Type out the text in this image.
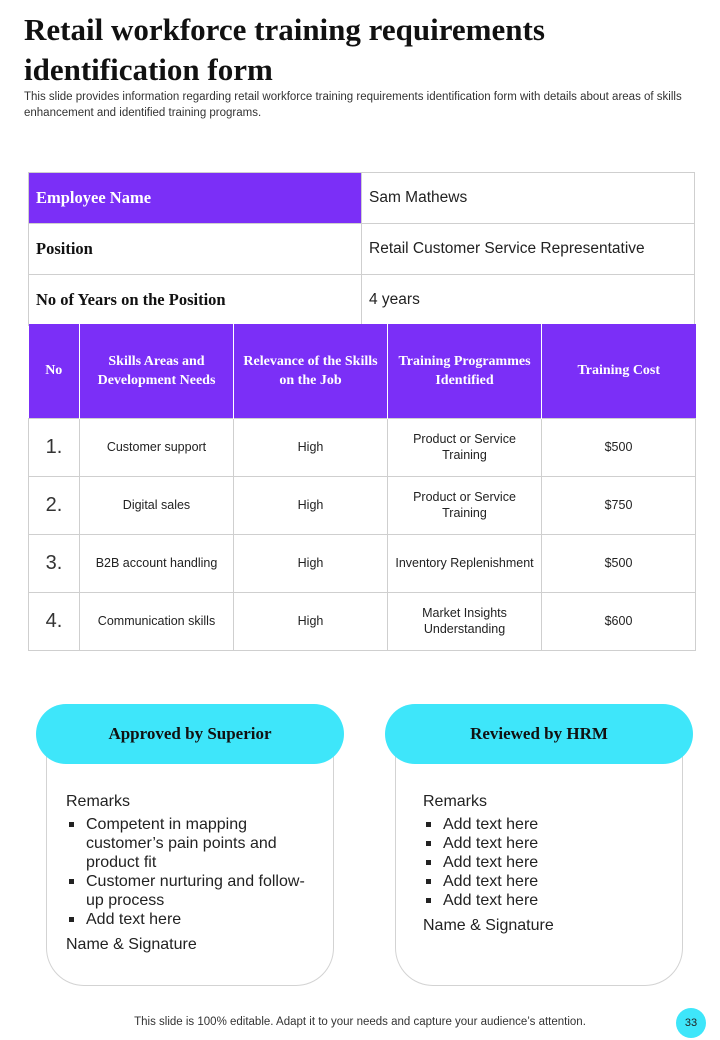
Retail workforce training requirements identification form

This slide provides information regarding retail workforce training requirements identification form with details about areas of skills enhancement and identified training programs.

Employee Name	Sam Mathews
Position	Retail Customer Service Representative
No of Years on the Position	4 years
No	Skills Areas and Development Needs	Relevance of the Skills on the Job	Training Programmes Identified	Training Cost
1.	Customer support	High	Product or Service Training	$500
2.	Digital sales	High	Product or Service Training	$750
3.	B2B account handling	High	Inventory Replenishment	$500
4.	Communication skills	High	Market Insights Understanding	$600
Approved by Superior
Remarks
Competent in mapping customer’s pain points and product fit
Customer nurturing and follow-up process
Add text here
Name & Signature
Reviewed by HRM
Remarks
Add text here
Add text here
Add text here
Add text here
Add text here
Name & Signature
This slide is 100% editable. Adapt it to your needs and capture your audience’s attention.	33
